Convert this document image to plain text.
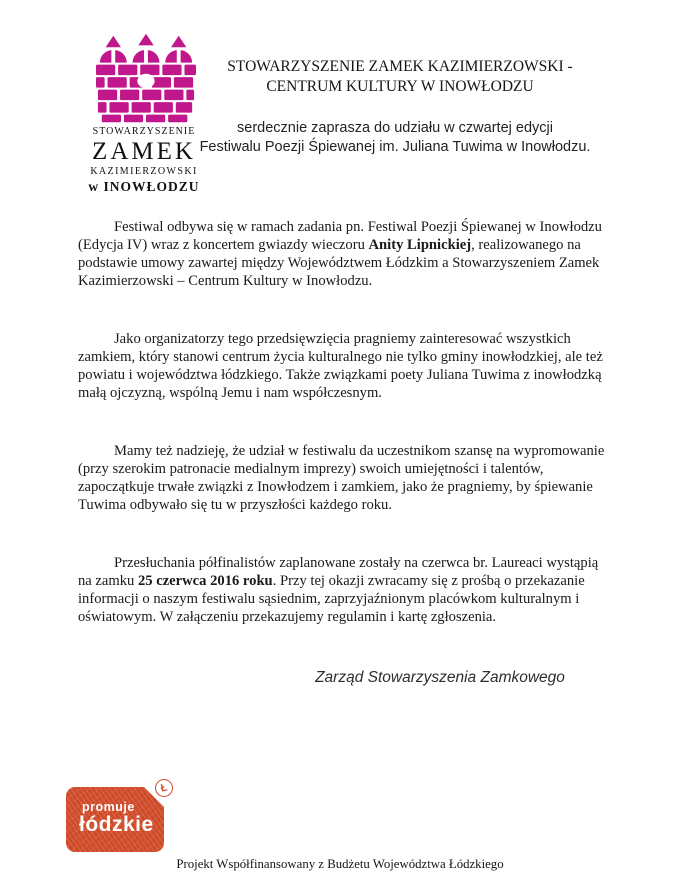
STOWARZYSZENIE
ZAMEK
KAZIMIERZOWSKI
w INOWŁODZU
STOWARZYSZENIE ZAMEK KAZIMIERZOWSKI -
CENTRUM KULTURY W INOWŁODZU
serdecznie zaprasza do udziału w czwartej edycji
Festiwalu Poezji Śpiewanej im. Juliana Tuwima w Inowłodzu.
Festiwal odbywa się w ramach zadania pn. Festiwal Poezji Śpiewanej w Inowłodzu (Edycja IV) wraz z koncertem gwiazdy wieczoru Anity Lipnickiej, realizowanego na podstawie umowy zawartej między Województwem Łódzkim a Stowarzyszeniem Zamek Kazimierzowski – Centrum Kultury w Inowłodzu.
Jako organizatorzy tego przedsięwzięcia pragniemy zainteresować wszystkich zamkiem, który stanowi centrum życia kulturalnego nie tylko gminy inowłodzkiej, ale też powiatu i województwa łódzkiego. Także związkami poety Juliana Tuwima z inowłodzką małą ojczyzną, wspólną Jemu i nam współczesnym.
Mamy też nadzieję, że udział w festiwalu da uczestnikom szansę na wypromowanie (przy szerokim patronacie medialnym imprezy) swoich umiejętności i talentów, zapoczątkuje trwałe związki z Inowłodzem i zamkiem, jako że pragniemy, by śpiewanie Tuwima odbywało się tu w przyszłości każdego roku.
Przesłuchania półfinalistów zaplanowane zostały na czerwca br. Laureaci wystąpią na zamku 25 czerwca 2016 roku. Przy tej okazji zwracamy się z prośbą o przekazanie informacji o naszym festiwalu sąsiednim, zaprzyjaźnionym placówkom kulturalnym i oświatowym. W załączeniu przekazujemy regulamin i kartę zgłoszenia.
Zarząd Stowarzyszenia Zamkowego
promuje
łódzkie
Ł
Projekt Współfinansowany z Budżetu Województwa Łódzkiego
